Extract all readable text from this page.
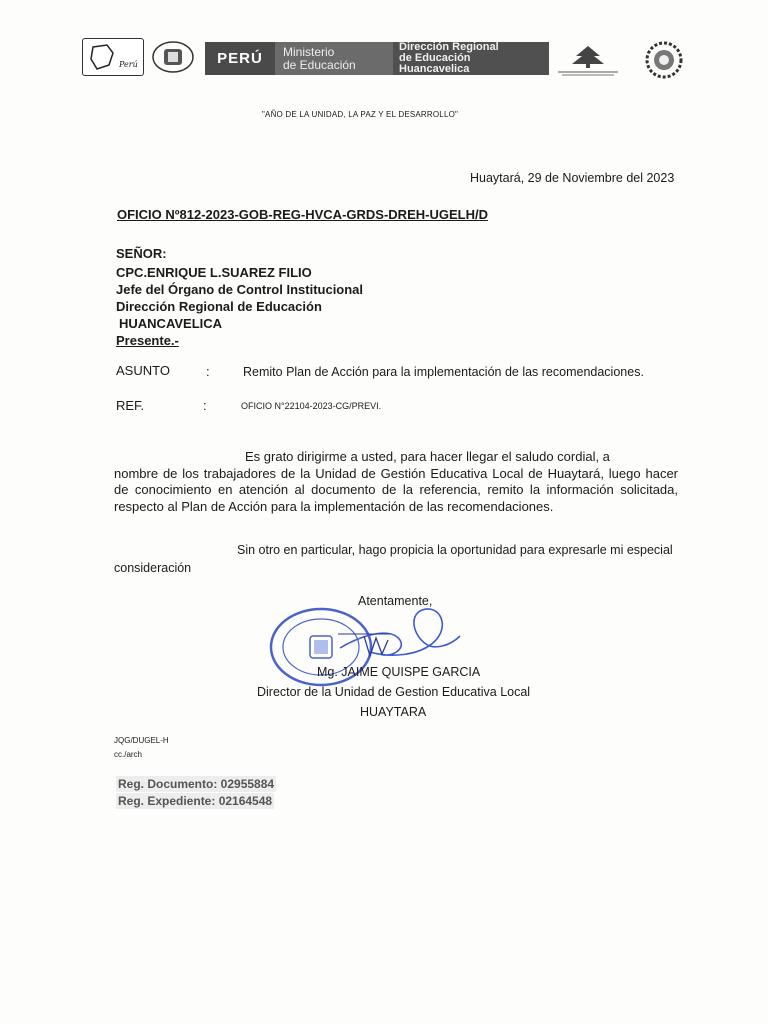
Perú	PERÚ	Ministerio
de Educación
Dirección Regional
de Educación
Huancavelica
"AÑO DE LA UNIDAD, LA PAZ Y EL DESARROLLO"
Huaytará, 29 de Noviembre del 2023
OFICIO Nº812-2023-GOB-REG-HVCA-GRDS-DREH-UGELH/D
SEÑOR:
CPC.ENRIQUE L.SUAREZ FILIO
Jefe del Órgano de Control Institucional
Dirección Regional de Educación
HUANCAVELICA
Presente.-
ASUNTO	:	Remito Plan de Acción para la implementación de las recomendaciones.
REF.	:	OFICIO N°22104-2023-CG/PREVI.
Es grato dirigirme a usted, para hacer llegar el saludo cordial, a
nombre de los trabajadores de la Unidad de Gestión Educativa Local de Huaytará, luego hacer de conocimiento en atención al documento de la referencia, remito la información solicitada, respecto al Plan de Acción para la implementación de las recomendaciones.
Sin otro en particular, hago propicia la oportunidad para expresarle mi especial
consideración
Atentamente,
Mg. JAIME QUISPE GARCIA
Director de la Unidad de Gestion Educativa Local
HUAYTARA
JQG/DUGEL-H
cc./arch
Reg. Documento: 02955884
Reg. Expediente: 02164548
